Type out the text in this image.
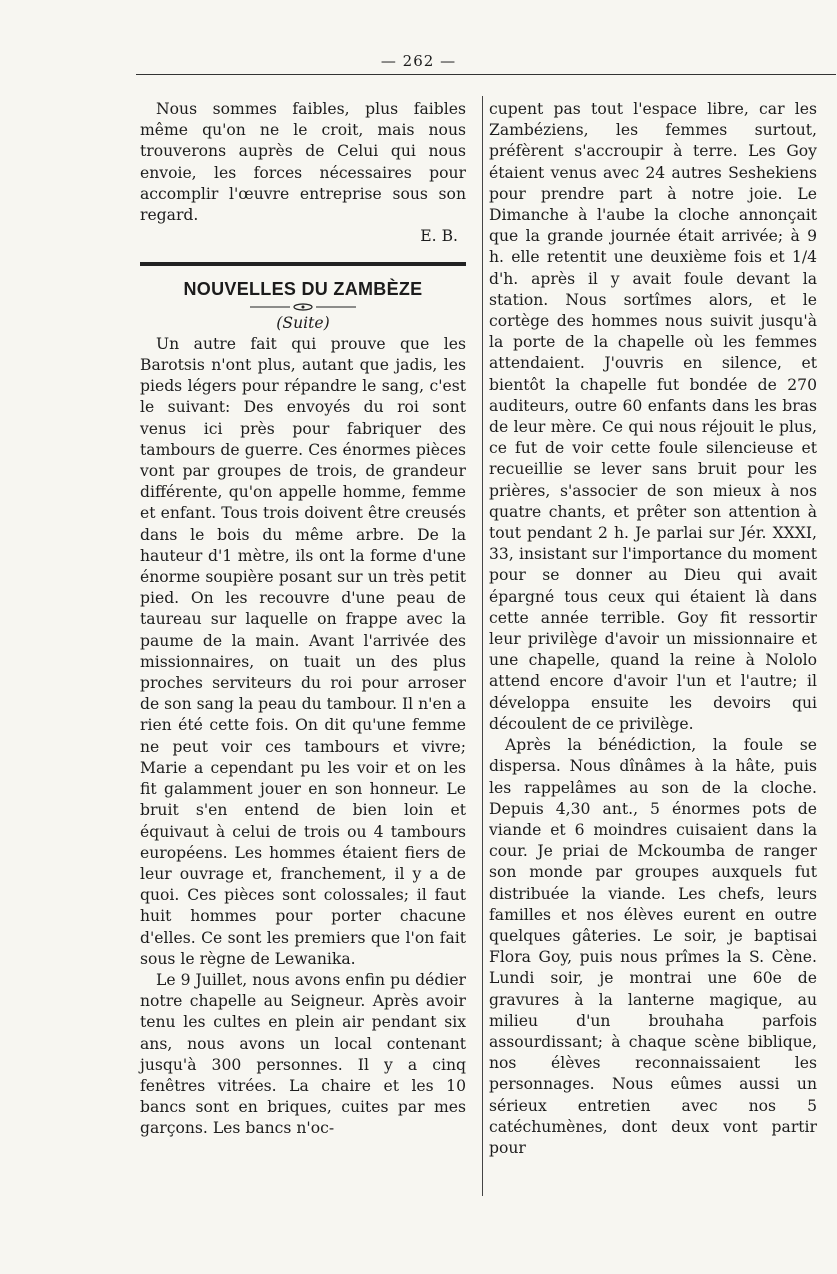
— 262 —

Nous sommes faibles, plus faibles même qu'on ne le croit, mais nous trouverons auprès de Celui qui nous envoie, les forces nécessaires pour accomplir l'œuvre entreprise sous son regard.

E. B.

NOUVELLES DU ZAMBÈZE

(Suite)

Un autre fait qui prouve que les Barotsis n'ont plus, autant que jadis, les pieds légers pour répandre le sang, c'est le suivant: Des envoyés du roi sont venus ici près pour fabriquer des tambours de guerre. Ces énormes pièces vont par groupes de trois, de grandeur différente, qu'on appelle homme, femme et enfant. Tous trois doivent être creusés dans le bois du même arbre. De la hauteur d'1 mètre, ils ont la forme d'une énorme soupière posant sur un très petit pied. On les recouvre d'une peau de taureau sur laquelle on frappe avec la paume de la main. Avant l'arrivée des missionnaires, on tuait un des plus proches serviteurs du roi pour arroser de son sang la peau du tambour. Il n'en a rien été cette fois. On dit qu'une femme ne peut voir ces tambours et vivre; Marie a cependant pu les voir et on les fit galamment jouer en son honneur. Le bruit s'en entend de bien loin et équivaut à celui de trois ou 4 tambours européens. Les hommes étaient fiers de leur ouvrage et, franchement, il y a de quoi. Ces pièces sont colossales; il faut huit hommes pour porter chacune d'elles. Ce sont les premiers que l'on fait sous le règne de Lewanika.

Le 9 Juillet, nous avons enfin pu dédier notre chapelle au Seigneur. Après avoir tenu les cultes en plein air pendant six ans, nous avons un local contenant jusqu'à 300 personnes. Il y a cinq fenêtres vitrées. La chaire et les 10 bancs sont en briques, cuites par mes garçons. Les bancs n'oc-

cupent pas tout l'espace libre, car les Zambéziens, les femmes surtout, préfèrent s'accroupir à terre. Les Goy étaient venus avec 24 autres Seshekiens pour prendre part à notre joie. Le Dimanche à l'aube la cloche annonçait que la grande journée était arrivée; à 9 h. elle retentit une deuxième fois et 1/4 d'h. après il y avait foule devant la station. Nous sortîmes alors, et le cortège des hommes nous suivit jusqu'à la porte de la chapelle où les femmes attendaient. J'ouvris en silence, et bientôt la chapelle fut bondée de 270 auditeurs, outre 60 enfants dans les bras de leur mère. Ce qui nous réjouit le plus, ce fut de voir cette foule silencieuse et recueillie se lever sans bruit pour les prières, s'associer de son mieux à nos quatre chants, et prêter son attention à tout pendant 2 h. Je parlai sur Jér. XXXI, 33, insistant sur l'importance du moment pour se donner au Dieu qui avait épargné tous ceux qui étaient là dans cette année terrible. Goy fit ressortir leur privilège d'avoir un missionnaire et une chapelle, quand la reine à Nololo attend encore d'avoir l'un et l'autre; il développa ensuite les devoirs qui découlent de ce privilège.

Après la bénédiction, la foule se dispersa. Nous dînâmes à la hâte, puis les rappelâmes au son de la cloche. Depuis 4,30 ant., 5 énormes pots de viande et 6 moindres cuisaient dans la cour. Je priai de Mckoumba de ranger son monde par groupes auxquels fut distribuée la viande. Les chefs, leurs familles et nos élèves eurent en outre quelques gâteries. Le soir, je baptisai Flora Goy, puis nous prîmes la S. Cène. Lundi soir, je montrai une 60e de gravures à la lanterne magique, au milieu d'un brouhaha parfois assourdissant; à chaque scène biblique, nos élèves reconnaissaient les personnages. Nous eûmes aussi un sérieux entretien avec nos 5 catéchumènes, dont deux vont partir pour
